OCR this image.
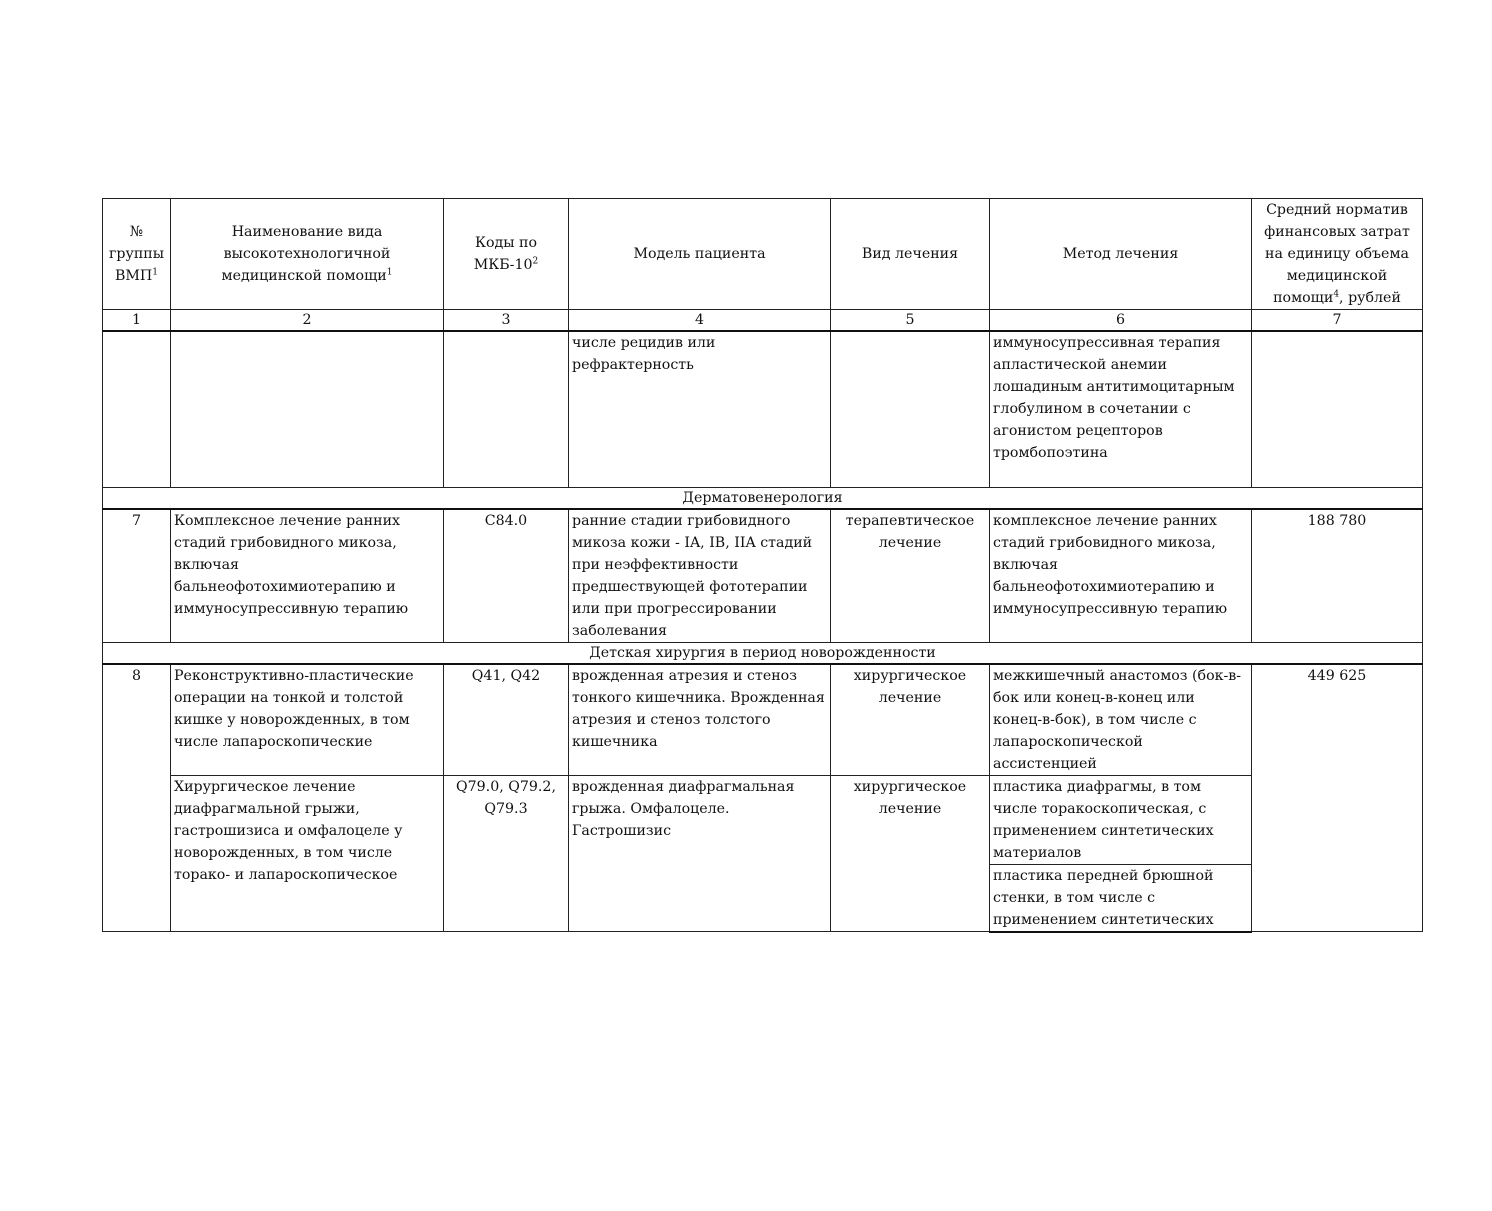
№ группы ВМП$^1$	Наименование вида высокотехнологичной медицинской помощи$^1$	Коды по МКБ-$10^2$	Модель пациента	Вид лечения	Метод лечения	Средний норматив финансовых затрат на единицу объема медицинской помощи$^4$, рублей
1	2	3	4	5	6	7
			числе рецидив или рефрактерность		иммуносупрессивная терапия апластической анемии лошадиным антитимоцитарным глобулином в сочетании с агонистом рецепторов тромбопоэтина	
Дерматовенерология						
7	Комплексное лечение ранних стадий грибовидного микоза, включая бальнеофотохимиотерапию и иммуносупрессивную терапию	C84.0	ранние стадии грибовидного микоза кожи - IA, IB, IIA стадий при неэффективности предшествующей фототерапии или при прогрессировании заболевания	терапевтическое лечение	комплексное лечение ранних стадий грибовидного микоза, включая бальнеофотохимиотерапию и иммуносупрессивную терапию	188 780
Детская хирургия в период новорожденности						
8	Реконструктивно-пластические операции на тонкой и толстой кишке у новорожденных, в том числе лапароскопические	Q41, Q42	врожденная атрезия и стеноз тонкого кишечника. Врожденная атрезия и стеноз толстого кишечника	хирургическое лечение	межкишечный анастомоз (бок-в-бок или конец-в-конец или конец-в-бок), в том числе с лапароскопической ассистенцией	449 625
	Хирургическое лечение диафрагмальной грыжи, гастрошизиса и омфалоцеле у новорожденных, в том числе торако- и лапароскопическое	Q79.0, Q79.2, Q79.3	врожденная диафрагмальная грыжа. Омфалоцеле. Гастрошизис	хирургическое лечение	пластика диафрагмы, в том числе торакоскопическая, с применением синтетических материалов	
					пластика передней брюшной стенки, в том числе с применением синтетических	
